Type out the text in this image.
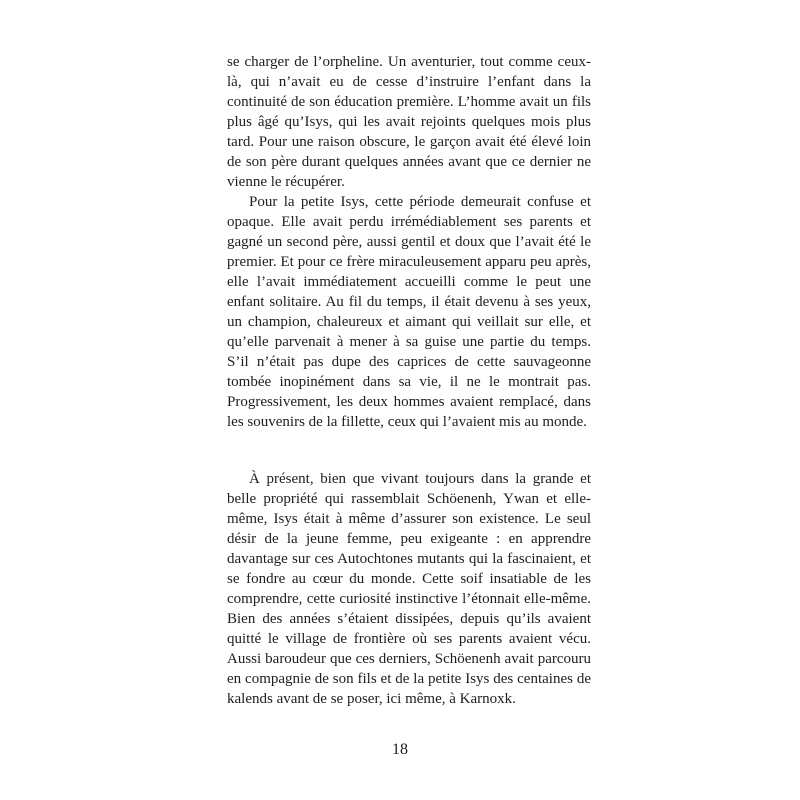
se charger de l’orpheline. Un aventurier, tout comme ceux-là, qui n’avait eu de cesse d’instruire l’enfant dans la continuité de son éducation première. L’homme avait un fils plus âgé qu’Isys, qui les avait rejoints quelques mois plus tard. Pour une raison obscure, le garçon avait été élevé loin de son père durant quelques années avant que ce dernier ne vienne le récupérer.

Pour la petite Isys, cette période demeurait confuse et opaque. Elle avait perdu irrémédiablement ses parents et gagné un second père, aussi gentil et doux que l’avait été le premier. Et pour ce frère miraculeusement apparu peu après, elle l’avait immédiatement accueilli comme le peut une enfant solitaire. Au fil du temps, il était devenu à ses yeux, un champion, chaleureux et aimant qui veillait sur elle, et qu’elle parvenait à mener à sa guise une partie du temps. S’il n’était pas dupe des caprices de cette sauvageonne tombée inopinément dans sa vie, il ne le montrait pas. Progressivement, les deux hommes avaient remplacé, dans les souvenirs de la fillette, ceux qui l’avaient mis au monde.

À présent, bien que vivant toujours dans la grande et belle propriété qui rassemblait Schöenenh, Ywan et elle-même, Isys était à même d’assurer son existence. Le seul désir de la jeune femme, peu exigeante : en apprendre davantage sur ces Autochtones mutants qui la fascinaient, et se fondre au cœur du monde. Cette soif insatiable de les comprendre, cette curiosité instinctive l’étonnait elle-même. Bien des années s’étaient dissipées, depuis qu’ils avaient quitté le village de frontière où ses parents avaient vécu. Aussi baroudeur que ces derniers, Schöenenh avait parcouru en compagnie de son fils et de la petite Isys des centaines de kalends avant de se poser, ici même, à Karnoxk.

18
